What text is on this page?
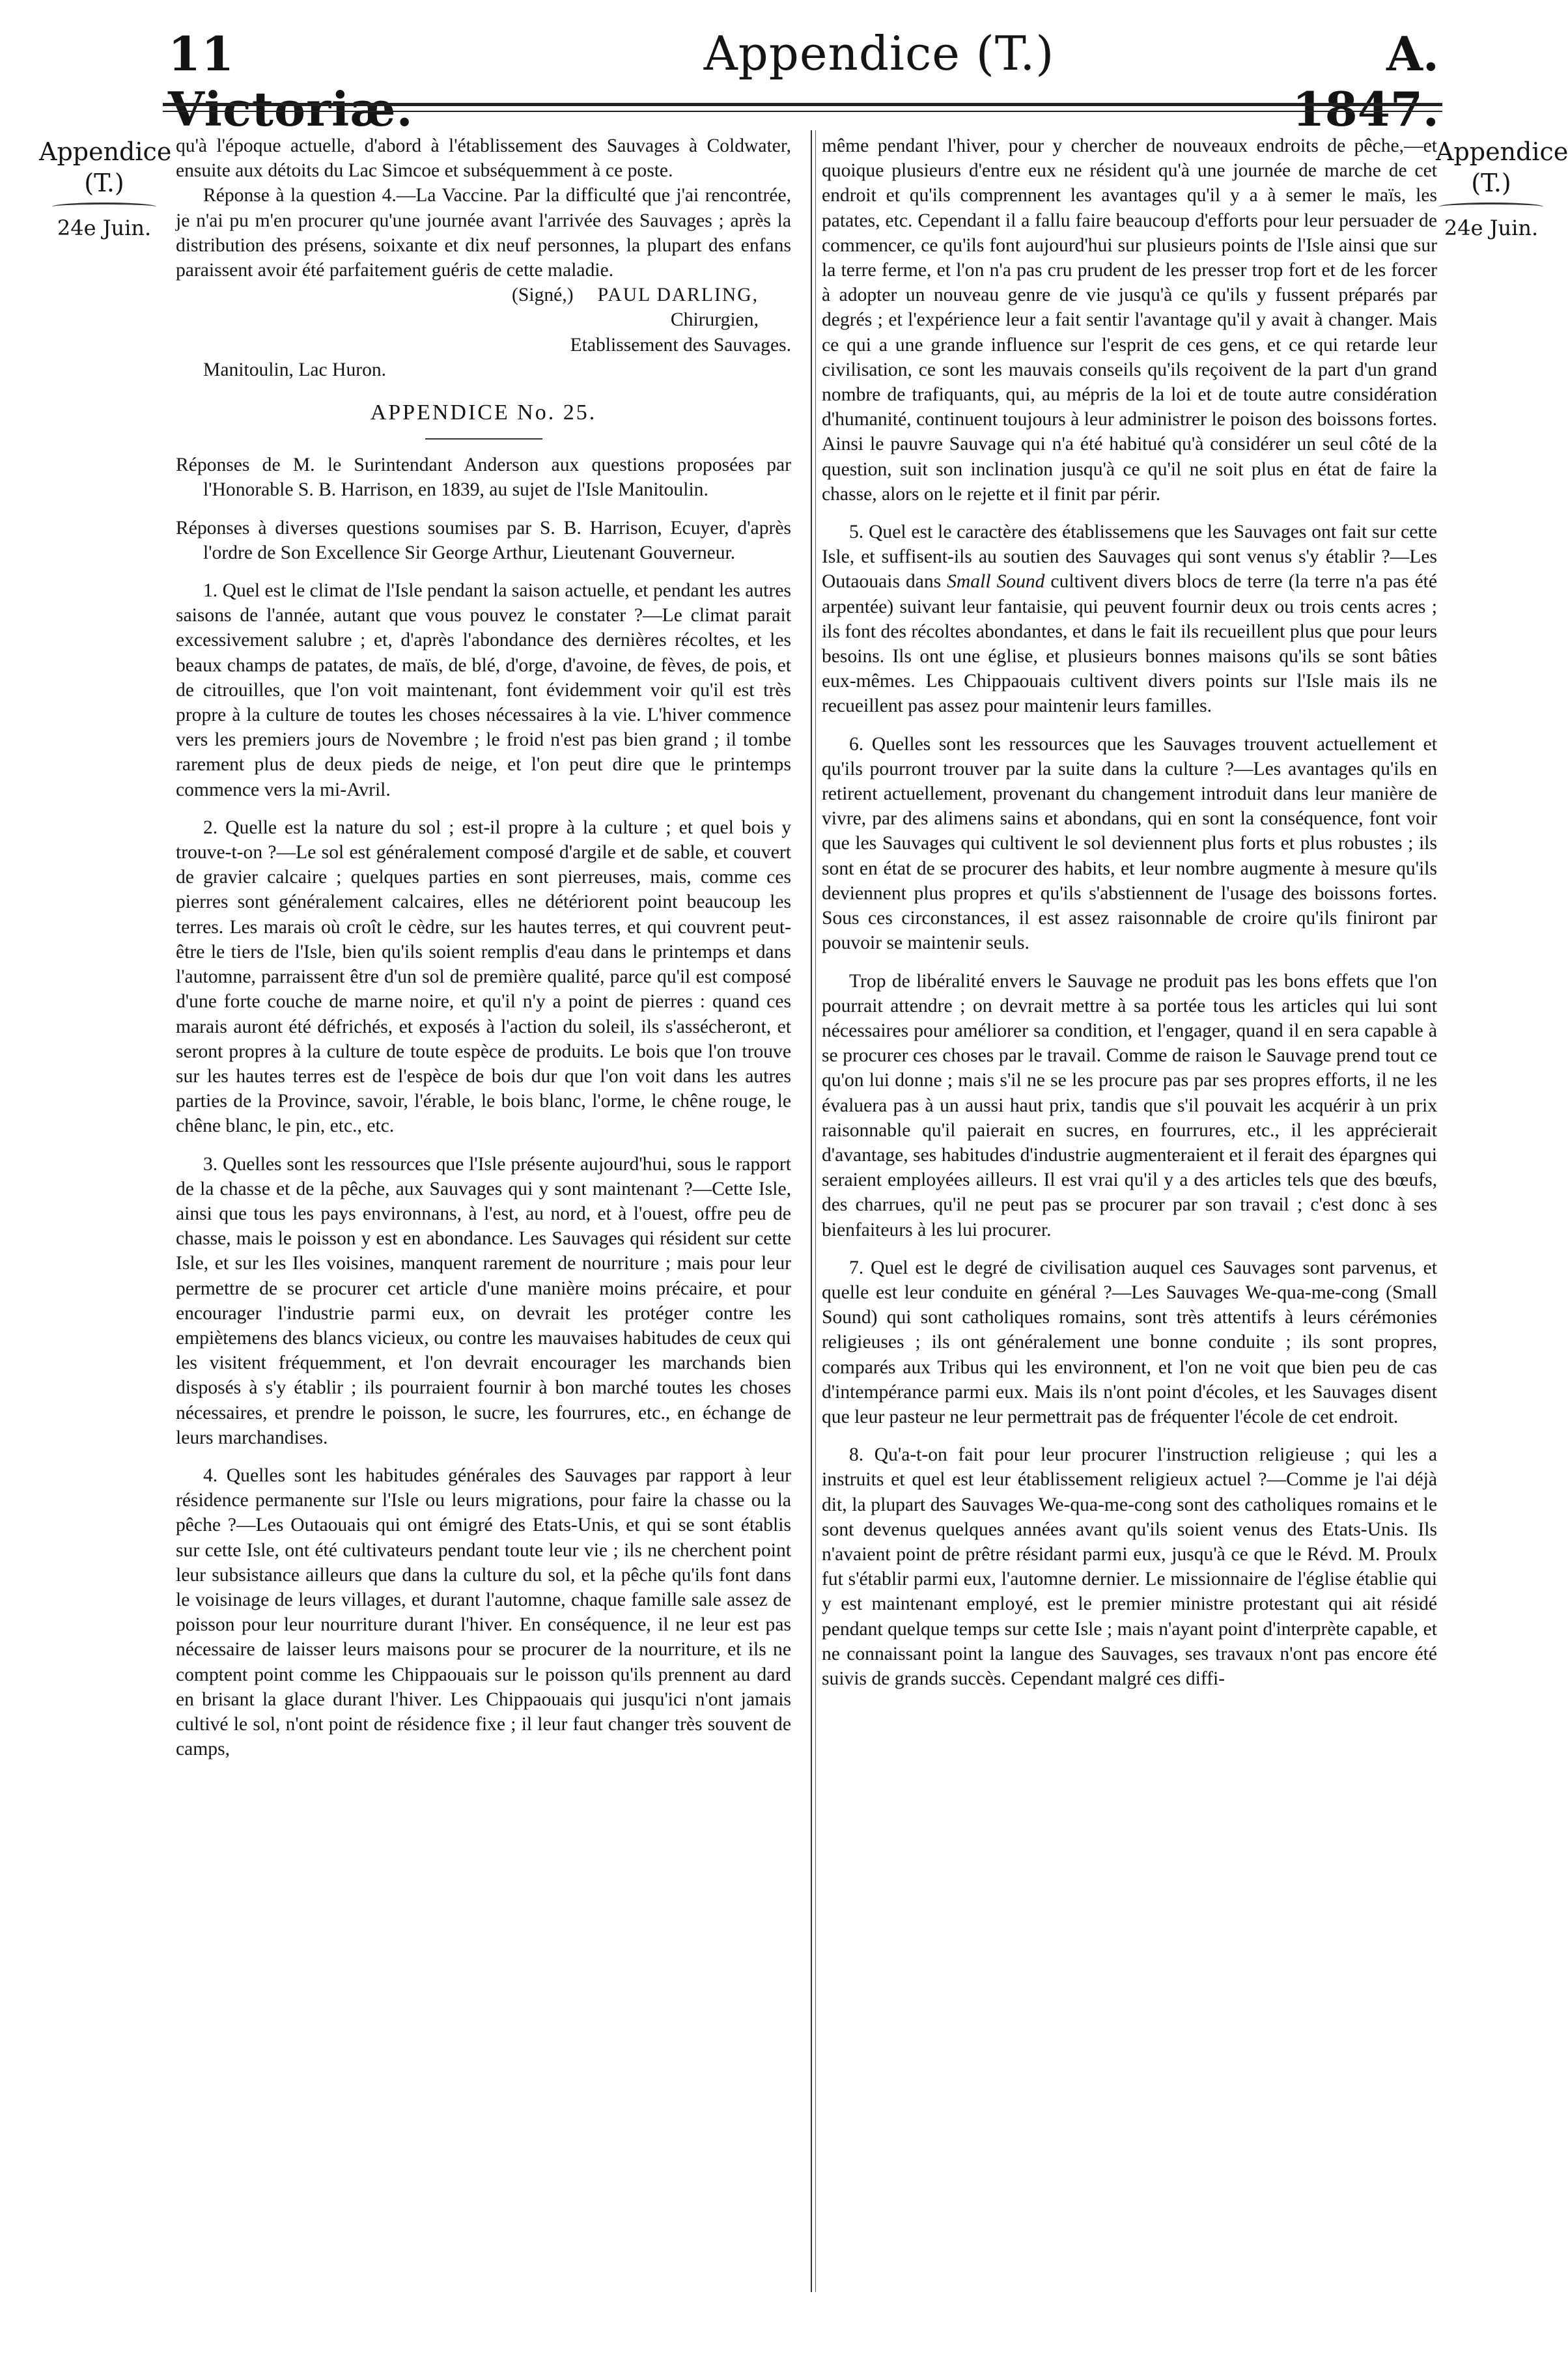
11 Victoriæ.
Appendice (T.)	A. 1847.
Appendice
(T.)
24e Juin.
Appendice
(T.)
24e Juin.

qu'à l'époque actuelle, d'abord à l'établissement des Sauvages à Coldwater, ensuite aux détoits du Lac Simcoe et subséquemment à ce poste.

Réponse à la question 4.—La Vaccine. Par la difficulté que j'ai rencontrée, je n'ai pu m'en procurer qu'une journée avant l'arrivée des Sauvages ; après la distribution des présens, soixante et dix neuf personnes, la plupart des enfans paraissent avoir été parfaitement guéris de cette maladie.

(Signé,) PAUL DARLING,

Chirurgien,

Etablissement des Sauvages.

Manitoulin, Lac Huron.

APPENDICE No. 25.

Réponses de M. le Surintendant Anderson aux questions proposées par l'Honorable S. B. Harrison, en 1839, au sujet de l'Isle Manitoulin.

Réponses à diverses questions soumises par S. B. Harrison, Ecuyer, d'après l'ordre de Son Excellence Sir George Arthur, Lieutenant Gouverneur.

1. Quel est le climat de l'Isle pendant la saison actuelle, et pendant les autres saisons de l'année, autant que vous pouvez le constater ?—Le climat parait excessivement salubre ; et, d'après l'abondance des dernières récoltes, et les beaux champs de patates, de maïs, de blé, d'orge, d'avoine, de fèves, de pois, et de citrouilles, que l'on voit maintenant, font évidemment voir qu'il est très propre à la culture de toutes les choses nécessaires à la vie. L'hiver commence vers les premiers jours de Novembre ; le froid n'est pas bien grand ; il tombe rarement plus de deux pieds de neige, et l'on peut dire que le printemps commence vers la mi-Avril.

2. Quelle est la nature du sol ; est-il propre à la culture ; et quel bois y trouve-t-on ?—Le sol est généralement composé d'argile et de sable, et couvert de gravier calcaire ; quelques parties en sont pierreuses, mais, comme ces pierres sont généralement calcaires, elles ne détériorent point beaucoup les terres. Les marais où croît le cèdre, sur les hautes terres, et qui couvrent peut-être le tiers de l'Isle, bien qu'ils soient remplis d'eau dans le printemps et dans l'automne, parraissent être d'un sol de première qualité, parce qu'il est composé d'une forte couche de marne noire, et qu'il n'y a point de pierres : quand ces marais auront été défrichés, et exposés à l'action du soleil, ils s'assécheront, et seront propres à la culture de toute espèce de produits. Le bois que l'on trouve sur les hautes terres est de l'espèce de bois dur que l'on voit dans les autres parties de la Province, savoir, l'érable, le bois blanc, l'orme, le chêne rouge, le chêne blanc, le pin, etc., etc.

3. Quelles sont les ressources que l'Isle présente aujourd'hui, sous le rapport de la chasse et de la pêche, aux Sauvages qui y sont maintenant ?—Cette Isle, ainsi que tous les pays environnans, à l'est, au nord, et à l'ouest, offre peu de chasse, mais le poisson y est en abondance. Les Sauvages qui résident sur cette Isle, et sur les Iles voisines, manquent rarement de nourriture ; mais pour leur permettre de se procurer cet article d'une manière moins précaire, et pour encourager l'industrie parmi eux, on devrait les protéger contre les empiètemens des blancs vicieux, ou contre les mauvaises habitudes de ceux qui les visitent fréquemment, et l'on devrait encourager les marchands bien disposés à s'y établir ; ils pourraient fournir à bon marché toutes les choses nécessaires, et prendre le poisson, le sucre, les fourrures, etc., en échange de leurs marchandises.

4. Quelles sont les habitudes générales des Sauvages par rapport à leur résidence permanente sur l'Isle ou leurs migrations, pour faire la chasse ou la pêche ?—Les Outaouais qui ont émigré des Etats-Unis, et qui se sont établis sur cette Isle, ont été cultivateurs pendant toute leur vie ; ils ne cherchent point leur subsistance ailleurs que dans la culture du sol, et la pêche qu'ils font dans le voisinage de leurs villages, et durant l'automne, chaque famille sale assez de poisson pour leur nourriture durant l'hiver. En conséquence, il ne leur est pas nécessaire de laisser leurs maisons pour se procurer de la nourriture, et ils ne comptent point comme les Chippaouais sur le poisson qu'ils prennent au dard en brisant la glace durant l'hiver. Les Chippaouais qui jusqu'ici n'ont jamais cultivé le sol, n'ont point de résidence fixe ; il leur faut changer très souvent de camps,

même pendant l'hiver, pour y chercher de nouveaux endroits de pêche,—et quoique plusieurs d'entre eux ne résident qu'à une journée de marche de cet endroit et qu'ils comprennent les avantages qu'il y a à semer le maïs, les patates, etc. Cependant il a fallu faire beaucoup d'efforts pour leur persuader de commencer, ce qu'ils font aujourd'hui sur plusieurs points de l'Isle ainsi que sur la terre ferme, et l'on n'a pas cru prudent de les presser trop fort et de les forcer à adopter un nouveau genre de vie jusqu'à ce qu'ils y fussent préparés par degrés ; et l'expérience leur a fait sentir l'avantage qu'il y avait à changer. Mais ce qui a une grande influence sur l'esprit de ces gens, et ce qui retarde leur civilisation, ce sont les mauvais conseils qu'ils reçoivent de la part d'un grand nombre de trafiquants, qui, au mépris de la loi et de toute autre considération d'humanité, continuent toujours à leur administrer le poison des boissons fortes. Ainsi le pauvre Sauvage qui n'a été habitué qu'à considérer un seul côté de la question, suit son inclination jusqu'à ce qu'il ne soit plus en état de faire la chasse, alors on le rejette et il finit par périr.

5. Quel est le caractère des établissemens que les Sauvages ont fait sur cette Isle, et suffisent-ils au soutien des Sauvages qui sont venus s'y établir ?—Les Outaouais dans Small Sound cultivent divers blocs de terre (la terre n'a pas été arpentée) suivant leur fantaisie, qui peuvent fournir deux ou trois cents acres ; ils font des récoltes abondantes, et dans le fait ils recueillent plus que pour leurs besoins. Ils ont une église, et plusieurs bonnes maisons qu'ils se sont bâties eux-mêmes. Les Chippaouais cultivent divers points sur l'Isle mais ils ne recueillent pas assez pour maintenir leurs familles.

6. Quelles sont les ressources que les Sauvages trouvent actuellement et qu'ils pourront trouver par la suite dans la culture ?—Les avantages qu'ils en retirent actuellement, provenant du changement introduit dans leur manière de vivre, par des alimens sains et abondans, qui en sont la conséquence, font voir que les Sauvages qui cultivent le sol deviennent plus forts et plus robustes ; ils sont en état de se procurer des habits, et leur nombre augmente à mesure qu'ils deviennent plus propres et qu'ils s'abstiennent de l'usage des boissons fortes. Sous ces circonstances, il est assez raisonnable de croire qu'ils finiront par pouvoir se maintenir seuls.

Trop de libéralité envers le Sauvage ne produit pas les bons effets que l'on pourrait attendre ; on devrait mettre à sa portée tous les articles qui lui sont nécessaires pour améliorer sa condition, et l'engager, quand il en sera capable à se procurer ces choses par le travail. Comme de raison le Sauvage prend tout ce qu'on lui donne ; mais s'il ne se les procure pas par ses propres efforts, il ne les évaluera pas à un aussi haut prix, tandis que s'il pouvait les acquérir à un prix raisonnable qu'il paierait en sucres, en fourrures, etc., il les apprécierait d'avantage, ses habitudes d'industrie augmenteraient et il ferait des épargnes qui seraient employées ailleurs. Il est vrai qu'il y a des articles tels que des bœufs, des charrues, qu'il ne peut pas se procurer par son travail ; c'est donc à ses bienfaiteurs à les lui procurer.

7. Quel est le degré de civilisation auquel ces Sauvages sont parvenus, et quelle est leur conduite en général ?—Les Sauvages We-qua-me-cong (Small Sound) qui sont catholiques romains, sont très attentifs à leurs cérémonies religieuses ; ils ont généralement une bonne conduite ; ils sont propres, comparés aux Tribus qui les environnent, et l'on ne voit que bien peu de cas d'intempérance parmi eux. Mais ils n'ont point d'écoles, et les Sauvages disent que leur pasteur ne leur permettrait pas de fréquenter l'école de cet endroit.

8. Qu'a-t-on fait pour leur procurer l'instruction religieuse ; qui les a instruits et quel est leur établissement religieux actuel ?—Comme je l'ai déjà dit, la plupart des Sauvages We-qua-me-cong sont des catholiques romains et le sont devenus quelques années avant qu'ils soient venus des Etats-Unis. Ils n'avaient point de prêtre résidant parmi eux, jusqu'à ce que le Révd. M. Proulx fut s'établir parmi eux, l'automne dernier. Le missionnaire de l'église établie qui y est maintenant employé, est le premier ministre protestant qui ait résidé pendant quelque temps sur cette Isle ; mais n'ayant point d'interprète capable, et ne connaissant point la langue des Sauvages, ses travaux n'ont pas encore été suivis de grands succès. Cependant malgré ces diffi-
